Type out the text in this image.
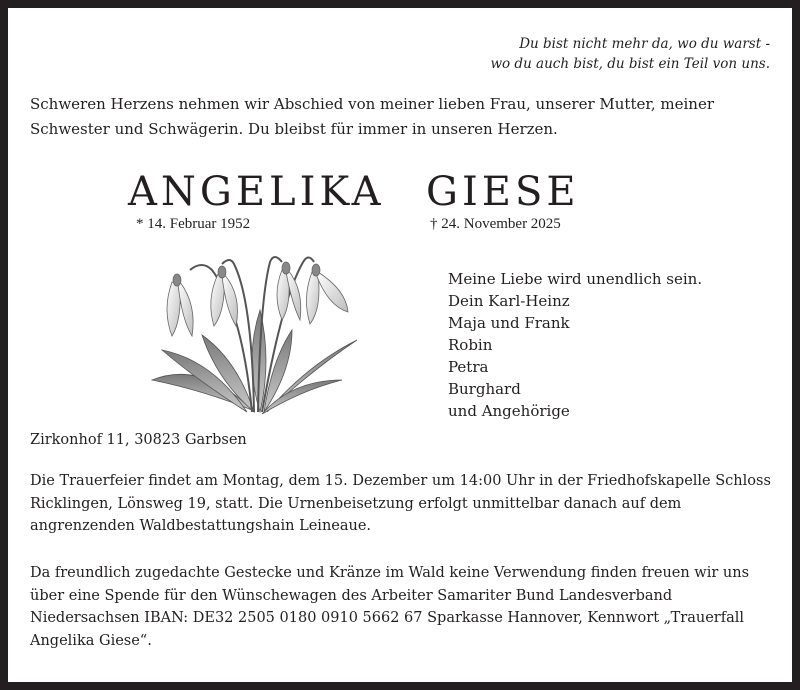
Du bist nicht mehr da, wo du warst -
wo du auch bist, du bist ein Teil von uns.
Schweren Herzens nehmen wir Abschied von meiner lieben Frau, unserer Mutter, meiner Schwester und Schwägerin. Du bleibst für immer in unseren Herzen.
ANGELIKA GIESE
* 14. Februar 1952	† 24. November 2025
Meine Liebe wird unendlich sein.
Dein Karl-Heinz
Maja und Frank
Robin
Petra
Burghard
und Angehörige
Zirkonhof 11, 30823 Garbsen
Die Trauerfeier findet am Montag, dem 15. Dezember um 14:00 Uhr in der Friedhofskapelle Schloss Ricklingen, Lönsweg 19, statt. Die Urnenbeisetzung erfolgt unmittelbar danach auf dem angrenzenden Waldbestattungshain Leineaue.
Da freundlich zugedachte Gestecke und Kränze im Wald keine Verwendung finden freuen wir uns über eine Spende für den Wünschewagen des Arbeiter Samariter Bund Landesverband Niedersachsen IBAN: DE32 2505 0180 0910 5662 67 Sparkasse Hannover, Kennwort „Trauerfall Angelika Giese“.
